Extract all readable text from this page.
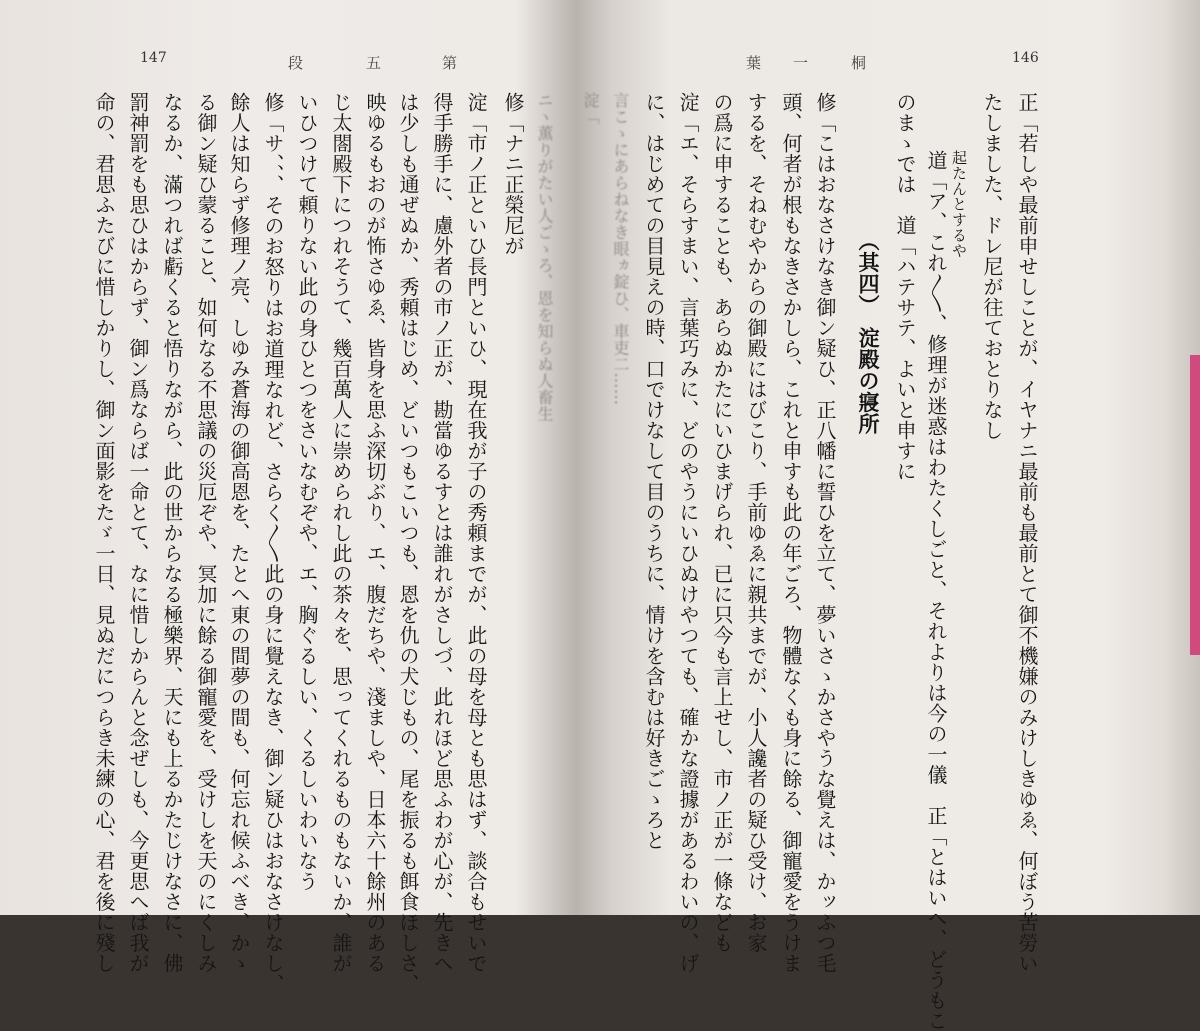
146
桐
一
葉
正「若しや最前申せしことが、イヤナニ最前も最前とて御不機嫌のみけしきゆゑ、何ぼう苦勞い
たしました、ドレ尼が往ておとりなし
起たんとするや
道「ア、これ〳〵、修理が迷惑はわたくしごと、それよりは今の一儀　正「とはいへ、どうもこ
のまゝでは　道「ハテサテ、よいと申すに
（其四）　淀殿の寢所
修「こはおなさけなき御ン疑ひ、正八幡に誓ひを立て、夢いさゝかさやうな覺えは、かッふつ毛
頭、何者が根もなきさかしら、これと申すも此の年ごろ、物體なくも身に餘る、御寵愛をうけま
するを、そねむやからの御殿にはびこり、手前ゆゑに親共までが、小人讒者の疑ひ受け、お家
の爲に申することも、あらぬかたにいひまげられ、已に只今も言上せし、市ノ正が一條なども
淀「エ、そらすまい、言葉巧みに、どのやうにいひぬけやつても、確かな證據があるわいの、げ
に、はじめての目見えの時、口でけなして目のうちに、情けを含むは好きごゝろと
言こゝにあらねなき眼ヵ錠ひ、車吏二……
淀「
147	第
五
段
ニヽ薫りがたい人ごゝろ、恩を知らぬ人畜生
修「ナニ正榮尼が
淀「市ノ正といひ長門といひ、現在我が子の秀頼までが、此の母を母とも思はず、談合もせいで
得手勝手に、慮外者の市ノ正が、勘當ゆるすとは誰れがさしづ、此れほど思ふわが心が、先きへ
は少しも通ぜぬか、秀頼はじめ、どいつもこいつも、恩を仇の犬じもの、尾を振るも餌食ほしさ、
映ゆるもおのが怖さゆゑ、皆身を思ふ深切ぶり、エ、腹だちや、淺ましや、日本六十餘州のある
じ太閤殿下につれそうて、幾百萬人に崇められし此の茶々を、思ってくれるものもないか、誰が
いひつけて頼りない此の身ひとつをさいなむぞや、エ、胸ぐるしい、くるしいわいなう
修「サ、、、そのお怒りはお道理なれど、さらく〳〵此の身に覺えなき、御ン疑ひはおなさけなし、
餘人は知らず修理ノ亮、しゆみ蒼海の御高恩を、たとへ東の間夢の間も、何忘れ候ふべき、かゝ
る御ン疑ひ蒙ること、如何なる不思議の災厄ぞや、冥加に餘る御寵愛を、受けしを天のにくしみ
なるか、滿つれば虧くると悟りながら、此の世からなる極樂界、天にも上るかたじけなさに、佛
罰神罰をも思ひはからず、御ン爲ならば一命とて、なに惜しからんと念ぜしも、今更思へば我が
命の、君思ふたびに惜しかりし、御ン面影をたゞ一日、見ぬだにつらき未練の心、君を後に殘し
